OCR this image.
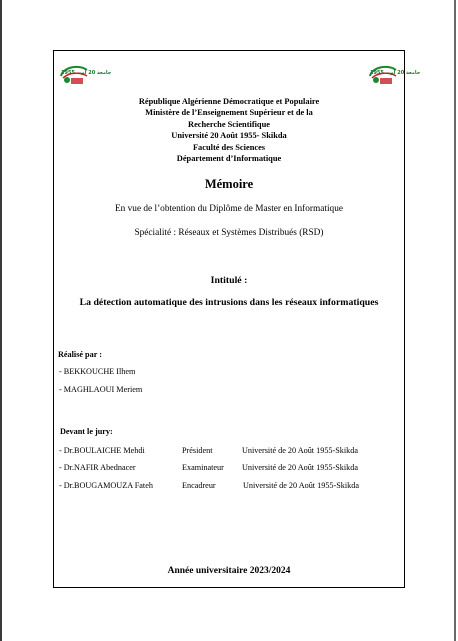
جامعة 20 أوت 1955	جامعة 20 أوت 1955
République Algérienne Démocratique et Populaire
Ministère de l’Enseignement Supérieur et de la
Recherche Scientifique
Université 20 Août 1955- Skikda
Faculté des Sciences
Département d’Informatique
Mémoire
En vue de l’obtention du Diplôme de Master en Informatique
Spécialité : Réseaux et Systèmes Distribués (RSD)
Intitulé :
La détection automatique des intrusions dans les réseaux informatiques
Réalisé par :
- BEKKOUCHE Ilhem
- MAGHLAOUI Meriem
Devant le jury:
- Dr.BOULAICHE Mehdi	Président	Université de 20 Août 1955-Skikda
- Dr.NAFIR Abednacer	Examinateur Université de 20 Août 1955-Skikda
- Dr.BOUGAMOUZA Fateh	Encadreur	Université de 20 Août 1955-Skikda
Année universitaire 2023/2024
